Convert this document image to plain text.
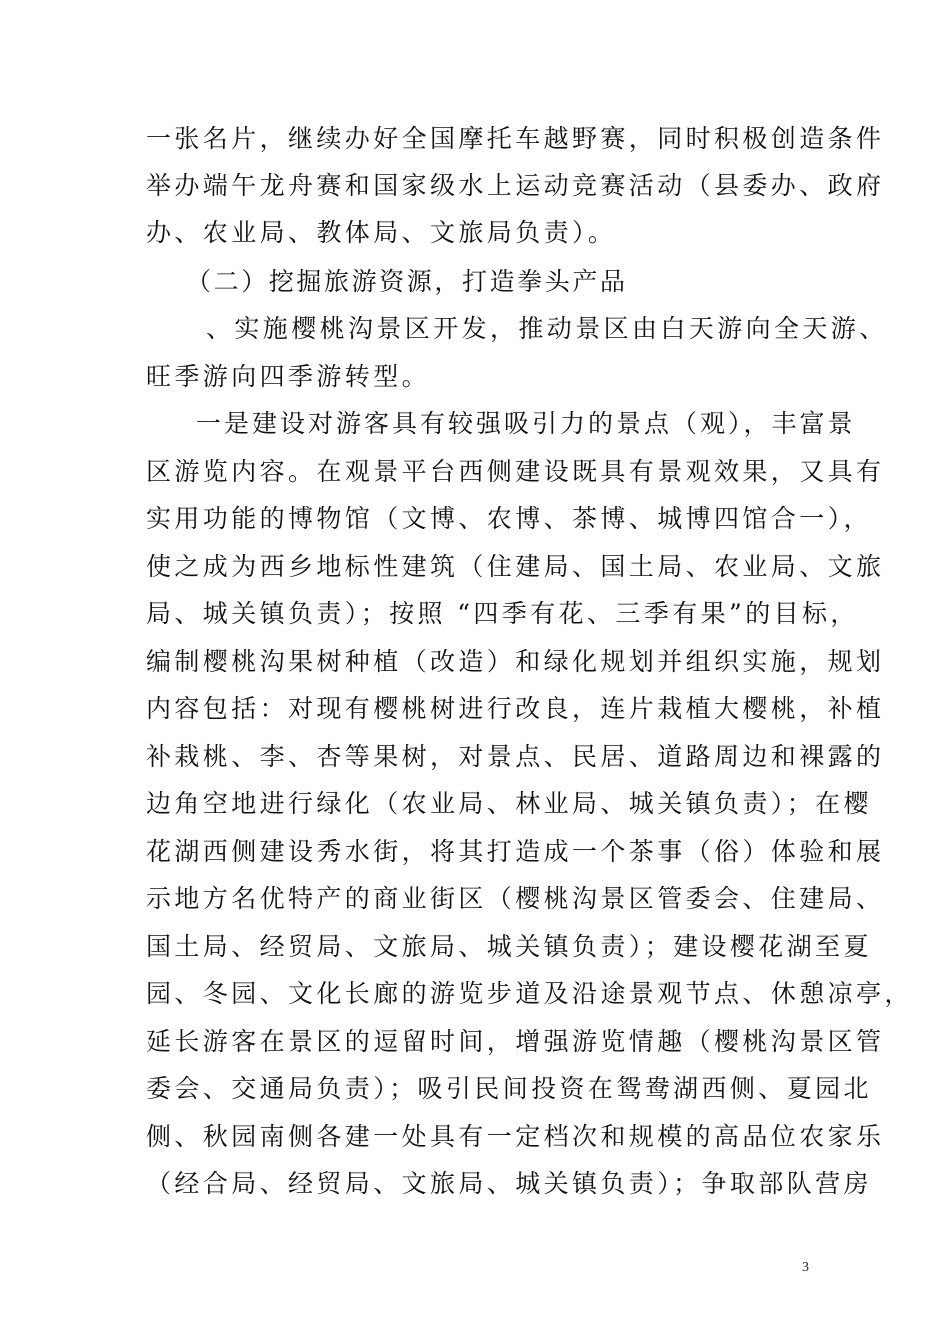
一张名片，继续办好全国摩托车越野赛，同时积极创造条件
举办端午龙舟赛和国家级水上运动竞赛活动（县委办、政府
办、农业局、教体局、文旅局负责）。
（二）挖掘旅游资源，打造拳头产品
、实施樱桃沟景区开发，推动景区由白天游向全天游、
旺季游向四季游转型。
一是建设对游客具有较强吸引力的景点（观），丰富景
区游览内容。在观景平台西侧建设既具有景观效果，又具有
实用功能的博物馆（文博、农博、茶博、城博四馆合一），
使之成为西乡地标性建筑（住建局、国土局、农业局、文旅
局、城关镇负责）；按照 “四季有花、三季有果”的目标，
编制樱桃沟果树种植（改造）和绿化规划并组织实施，规划
内容包括：对现有樱桃树进行改良，连片栽植大樱桃，补植
补栽桃、李、杏等果树，对景点、民居、道路周边和裸露的
边角空地进行绿化（农业局、林业局、城关镇负责）；在樱
花湖西侧建设秀水街，将其打造成一个茶事（俗）体验和展
示地方名优特产的商业街区（樱桃沟景区管委会、住建局、
国土局、经贸局、文旅局、城关镇负责）；建设樱花湖至夏
园、冬园、文化长廊的游览步道及沿途景观节点、休憩凉亭，
延长游客在景区的逗留时间，增强游览情趣（樱桃沟景区管
委会、交通局负责）；吸引民间投资在鸳鸯湖西侧、夏园北
侧、秋园南侧各建一处具有一定档次和规模的高品位农家乐
（经合局、经贸局、文旅局、城关镇负责）；争取部队营房
3
